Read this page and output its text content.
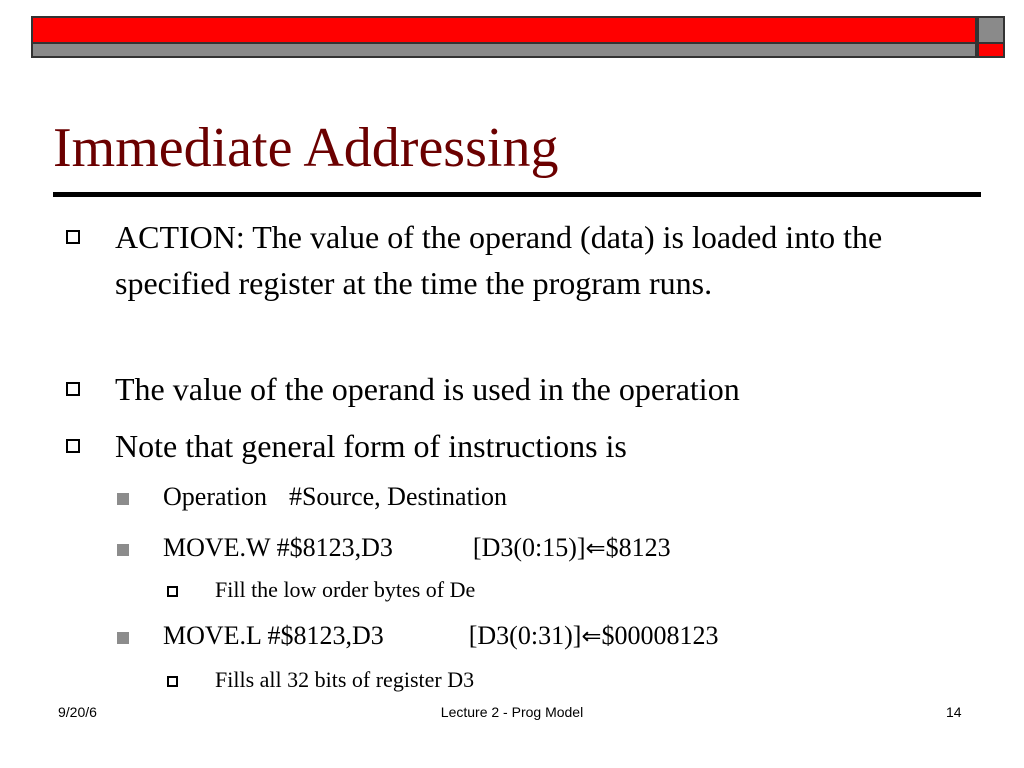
Immediate Addressing
ACTION: The value of the operand (data) is loaded into the specified register at the time the program runs.
The value of the operand is used in the operation
Note that general form of instructions is
Operation #Source, Destination
MOVE.W #$8123,D3	[D3(0:15)]⇐$8123
Fill the low order bytes of De
MOVE.L #$8123,D3	[D3(0:31)]⇐$00008123
Fills all 32 bits of register D3
9/20/6	Lecture 2 - Prog Model	14
